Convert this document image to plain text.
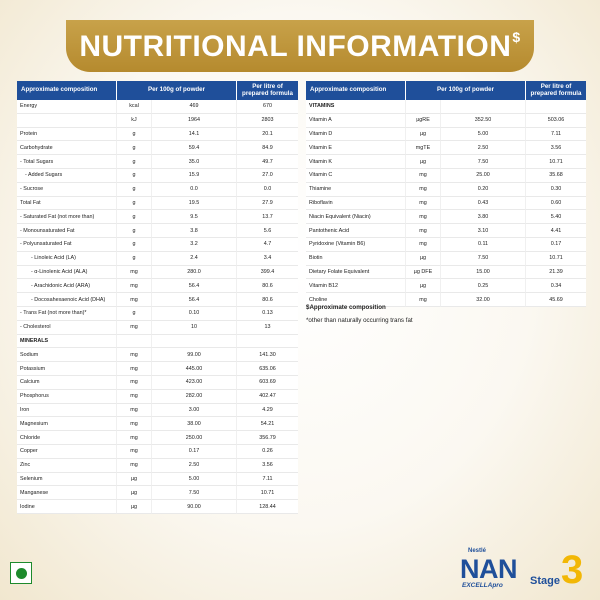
NUTRITIONAL INFORMATION$
Approximate composition	Per 100g of powder		Per litre of prepared formula
Energy	kcal	469	670
	kJ	1964	2803
Protein	g	14.1	20.1
Carbohydrate	g	59.4	84.9
- Total Sugars	g	35.0	49.7
- Added Sugars	g	15.9	27.0
- Sucrose	g	0.0	0.0
Total Fat	g	19.5	27.9
- Saturated Fat (not more than)	g	9.5	13.7
- Monounsaturated Fat	g	3.8	5.6
- Polyunsaturated Fat	g	3.2	4.7
- Linoleic Acid (LA)	g	2.4	3.4
- α-Linolenic Acid (ALA)	mg	280.0	399.4
- Arachidonic Acid (ARA)	mg	56.4	80.6
- Docosahexaenoic Acid (DHA)	mg	56.4	80.6
- Trans Fat (not more than)*	g	0.10	0.13
- Cholesterol	mg	10	13
MINERALS			
Sodium	mg	99.00	141.30
Potassium	mg	445.00	635.06
Calcium	mg	423.00	603.69
Phosphorus	mg	282.00	402.47
Iron	mg	3.00	4.29
Magnesium	mg	38.00	54.21
Chloride	mg	250.00	356.79
Copper	mg	0.17	0.26
Zinc	mg	2.50	3.56
Selenium	µg	5.00	7.11
Manganese	µg	7.50	10.71
Iodine	µg	90.00	128.44
Approximate composition	Per 100g of powder		Per litre of prepared formula
VITAMINS			
Vitamin A	µgRE	352.50	503.06
Vitamin D	µg	5.00	7.11
Vitamin E	mgTE	2.50	3.56
Vitamin K	µg	7.50	10.71
Vitamin C	mg	25.00	35.68
Thiamine	mg	0.20	0.30
Riboflavin	mg	0.43	0.60
Niacin Equivalent (Niacin)	mg	3.80	5.40
Pantothenic Acid	mg	3.10	4.41
Pyridoxine (Vitamin B6)	mg	0.11	0.17
Biotin	µg	7.50	10.71
Dietary Folate Equivalent	µg DFE	15.00	21.39
Vitamin B12	µg	0.25	0.34
Choline	mg	32.00	45.69
$Approximate composition
*other than naturally occurring trans fat
Nestlé
NAN
EXCELLApro Stage 3
